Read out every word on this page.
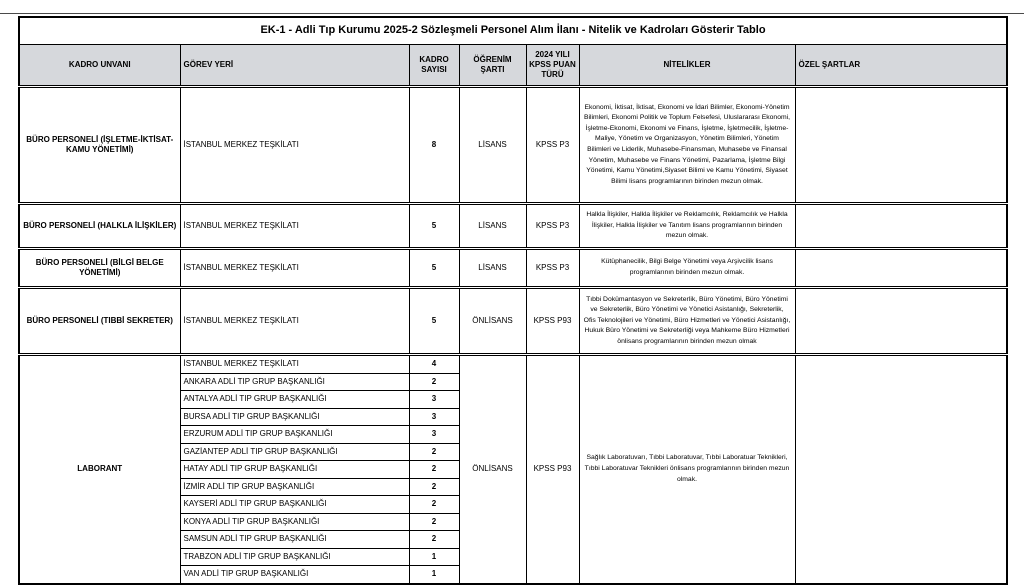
EK-1 - Adli Tıp Kurumu 2025-2 Sözleşmeli Personel Alım İlanı - Nitelik ve Kadroları Gösterir Tablo						
KADRO UNVANI	GÖREV YERİ	KADRO SAYISI	ÖĞRENİM ŞARTI	2024 YILI KPSS PUAN TÜRÜ	NİTELİKLER	ÖZEL ŞARTLAR
BÜRO PERSONELİ (İŞLETME-İKTİSAT-KAMU YÖNETİMİ)	İSTANBUL MERKEZ TEŞKİLATI	8	LİSANS	KPSS P3	Ekonomi, İktisat, İktisat, Ekonomi ve İdari Bilimler, Ekonomi-Yönetim Bilimleri, Ekonomi Politik ve Toplum Felsefesi, Uluslararası Ekonomi, İşletme-Ekonomi, Ekonomi ve Finans, İşletme, İşletmecilik, İşletme-Maliye, Yönetim ve Organizasyon, Yönetim Bilimleri, Yönetim Bilimleri ve Liderlik, Muhasebe-Finansman, Muhasebe ve Finansal Yönetim, Muhasebe ve Finans Yönetimi, Pazarlama, İşletme Bilgi Yönetimi, Kamu Yönetimi,Siyaset Bilimi ve Kamu Yönetimi, Siyaset Bilimi lisans programlarının birinden mezun olmak.	
BÜRO PERSONELİ (HALKLA İLİŞKİLER)	İSTANBUL MERKEZ TEŞKİLATI	5	LİSANS	KPSS P3	Halkla İlişkiler, Halkla İlişkiler ve Reklamcılık, Reklamcılık ve Halkla İlişkiler, Halkla İlişkiler ve Tanıtım lisans programlarının birinden mezun olmak.	
BÜRO PERSONELİ (BİLGİ BELGE YÖNETİMİ)	İSTANBUL MERKEZ TEŞKİLATI	5	LİSANS	KPSS P3	Kütüphanecilik, Bilgi Belge Yönetimi veya Arşivcilik lisans programlarının birinden mezun olmak.	
BÜRO PERSONELİ (TIBBİ SEKRETER)	İSTANBUL MERKEZ TEŞKİLATI	5	ÖNLİSANS	KPSS P93	Tıbbi Dokümantasyon ve Sekreterlik, Büro Yönetimi, Büro Yönetimi ve Sekreterlik, Büro Yönetimi ve Yönetici Asistanlığı, Sekreterlik, Ofis Teknolojileri ve Yönetimi, Büro Hizmetleri ve Yönetici Asistanlığı, Hukuk Büro Yönetimi ve Sekreterliği veya Mahkeme Büro Hizmetleri önlisans programlarının birinden mezun olmak	
LABORANT	İSTANBUL MERKEZ TEŞKİLATI	4	ÖNLİSANS	KPSS P93	Sağlık Laboratuvarı, Tıbbi Laboratuvar, Tıbbi Laboratuar Teknikleri, Tıbbi Laboratuvar Teknikleri önlisans programlarının birinden mezun olmak.	
	ANKARA ADLİ TIP GRUP BAŞKANLIĞI	2				
	ANTALYA ADLİ TIP GRUP BAŞKANLIĞI	3				
	BURSA ADLİ TIP GRUP BAŞKANLIĞI	3				
	ERZURUM ADLİ TIP GRUP BAŞKANLIĞI	3				
	GAZİANTEP ADLİ TIP GRUP BAŞKANLIĞI	2				
	HATAY ADLİ TIP GRUP BAŞKANLIĞI	2				
	İZMİR ADLİ TIP GRUP BAŞKANLIĞI	2				
	KAYSERİ ADLİ TIP GRUP BAŞKANLIĞI	2				
	KONYA ADLİ TIP GRUP BAŞKANLIĞI	2				
	SAMSUN ADLİ TIP GRUP BAŞKANLIĞI	2				
	TRABZON ADLİ TIP GRUP BAŞKANLIĞI	1				
	VAN ADLİ TIP GRUP BAŞKANLIĞI	1				
